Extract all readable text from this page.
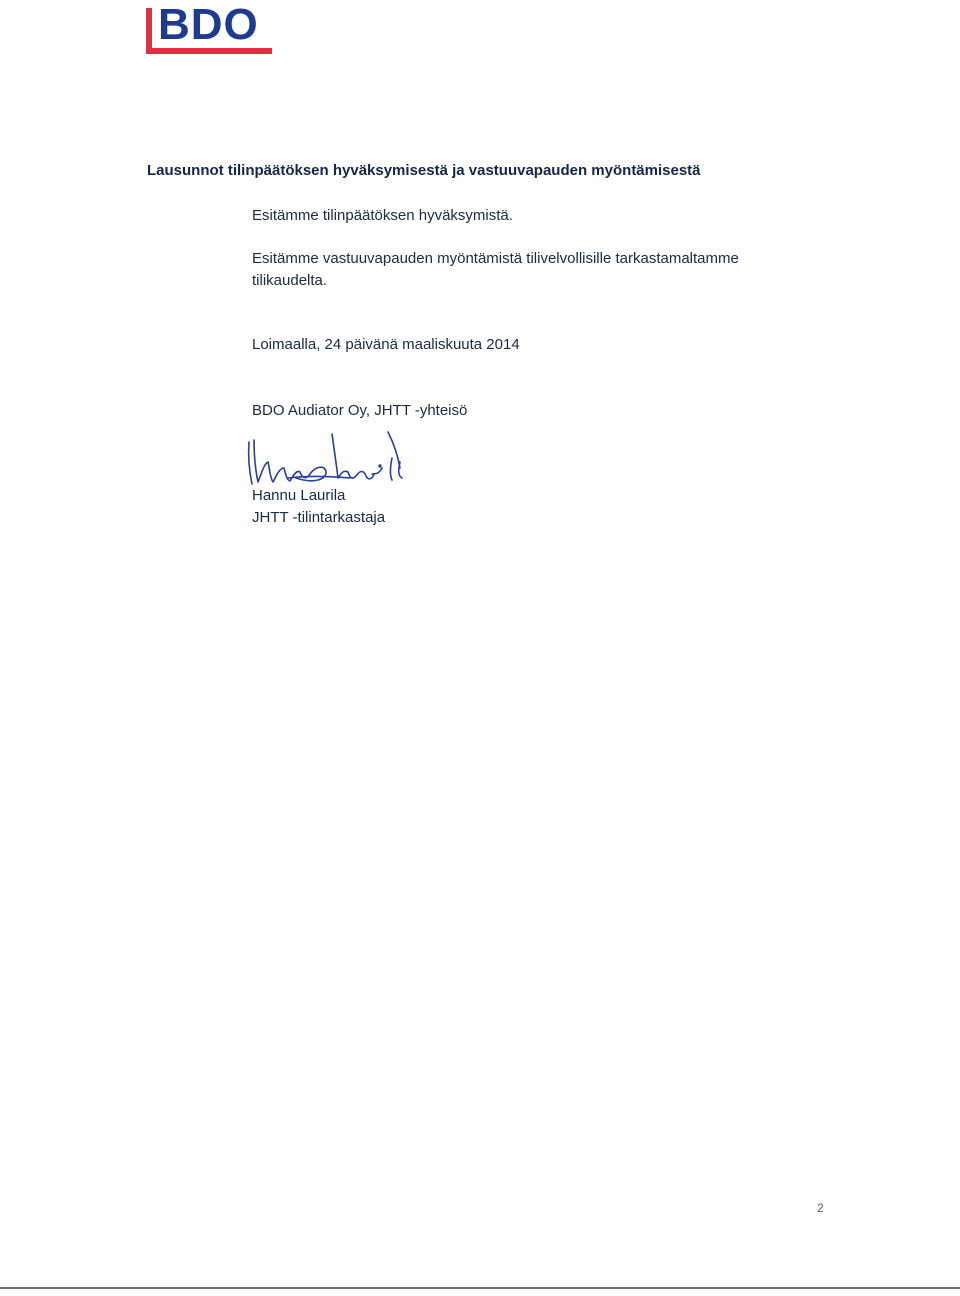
BDO
Lausunnot tilinpäätöksen hyväksymisestä ja vastuuvapauden myöntämisestä

Esitämme tilinpäätöksen hyväksymistä.

Esitämme vastuuvapauden myöntämistä tilivelvollisille tarkastamaltamme tilikaudelta.

Loimaalla, 24 päivänä maaliskuuta 2014

BDO Audiator Oy, JHTT -yhteisö

Hannu Laurila
JHTT -tilintarkastaja

2
